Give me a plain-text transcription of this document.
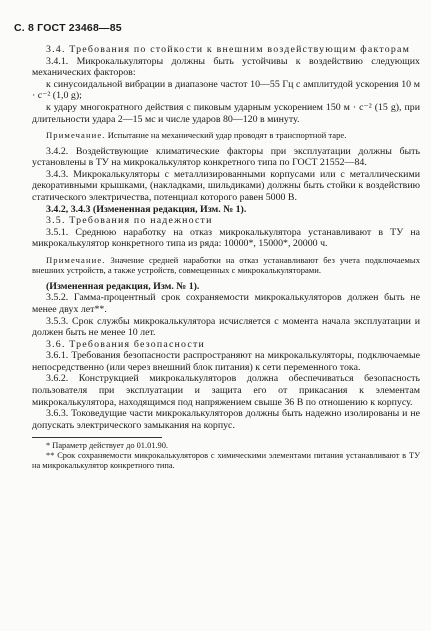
С. 8 ГОСТ 23468—85

3.4. Требования по стойкости к внешним воздействующим факторам

3.4.1. Микрокалькуляторы должны быть устойчивы к воздействию следующих механических факторов:

к синусоидальной вибрации в диапазоне частот 10—55 Гц с амплитудой ускорения 10 м · с⁻² (1,0 g);

к удару многократного действия с пиковым ударным ускорением 150 м · с⁻² (15 g), при длительности удара 2—15 мс и числе ударов 80—120 в минуту.

Примечание. Испытание на механический удар проводят в транспортной таре.

3.4.2. Воздействующие климатические факторы при эксплуатации должны быть установлены в ТУ на микрокалькулятор конкретного типа по ГОСТ 21552—84.

3.4.3. Микрокалькуляторы с металлизированными корпусами или с металлическими декоративными крышками, (накладками, шильдиками) должны быть стойки к воздействию статического электричества, потенциал которого равен 5000 В.

3.4.2, 3.4.3 (Измененная редакция, Изм. № 1).

3.5. Требования по надежности

3.5.1. Среднюю наработку на отказ микрокалькулятора устанавливают в ТУ на микрокалькулятор конкретного типа из ряда: 10000*, 15000*, 20000 ч.

Примечание. Значение средней наработки на отказ устанавливают без учета подключаемых внешних устройств, а также устройств, совмещенных с микрокалькуляторами.

(Измененная редакция, Изм. № 1).

3.5.2. Гамма-процентный срок сохраняемости микрокалькуляторов должен быть не менее двух лет**.

3.5.3. Срок службы микрокалькулятора исчисляется с момента начала эксплуатации и должен быть не менее 10 лет.

3.6. Требования безопасности

3.6.1. Требования безопасности распространяют на микрокалькуляторы, подключаемые непосредственно (или через внешний блок питания) к сети переменного тока.

3.6.2. Конструкцией микрокалькуляторов должна обеспечиваться безопасность пользователя при эксплуатации и защита его от прикасания к элементам микрокалькулятора, находящимся под напряжением свыше 36 В по отношению к корпусу.

3.6.3. Токоведущие части микрокалькуляторов должны быть надежно изолированы и не допускать электрического замыкания на корпус.

* Параметр действует до 01.01.90.

** Срок сохраняемости микрокалькуляторов с химическими элементами питания устанавливают в ТУ на микрокалькулятор конкретного типа.
